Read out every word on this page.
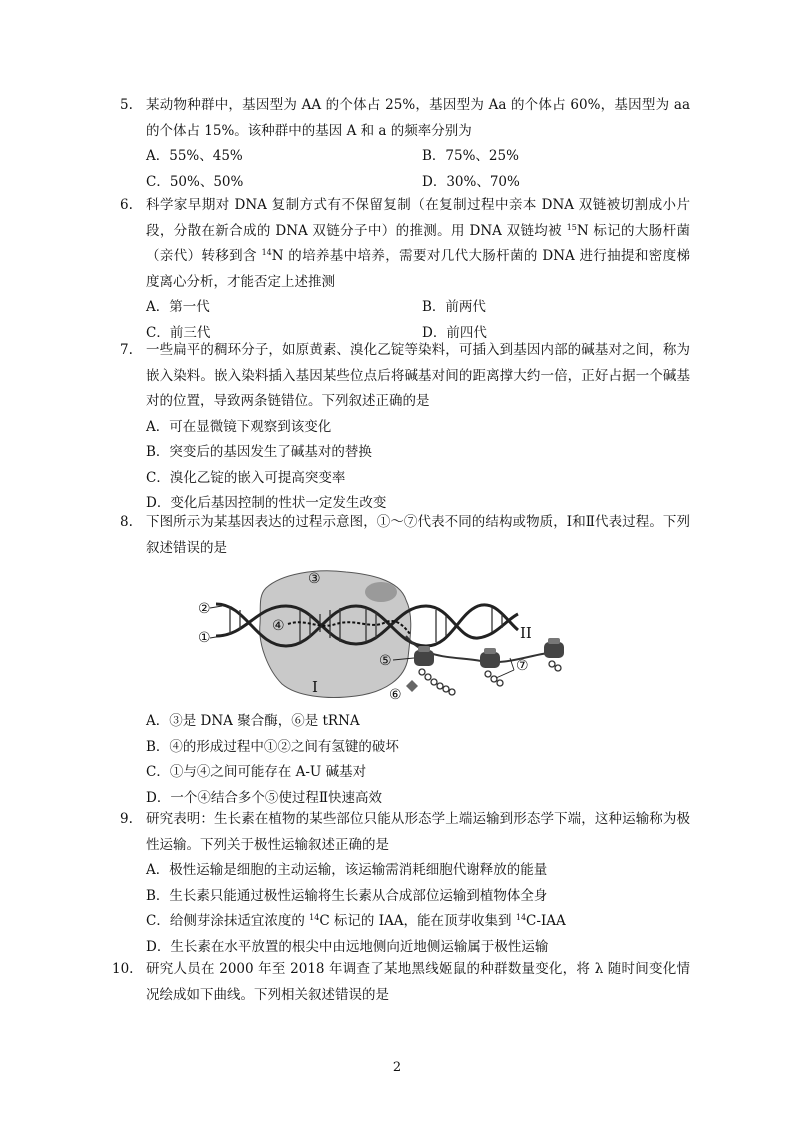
5. 某动物种群中，基因型为 AA 的个体占 25%，基因型为 Aa 的个体占 60%，基因型为 aa 的个体占 15%。该种群中的基因 A 和 a 的频率分别为
A．55%、45%	B．75%、25%
C．50%、50%	D．30%、70%
6. 科学家早期对 DNA 复制方式有不保留复制（在复制过程中亲本 DNA 双链被切割成小片段，分散在新合成的 DNA 双链分子中）的推测。用 DNA 双链均被 $^{15}$N 标记的大肠杆菌（亲代）转移到含 $^{14}$N 的培养基中培养，需要对几代大肠杆菌的 DNA 进行抽提和密度梯度离心分析，才能否定上述推测
A．第一代	B．前两代
C．前三代	D．前四代
7. 一些扁平的稠环分子，如原黄素、溴化乙锭等染料，可插入到基因内部的碱基对之间，称为嵌入染料。嵌入染料插入基因某些位点后将碱基对间的距离撑大约一倍，正好占据一个碱基对的位置，导致两条链错位。下列叙述正确的是
A．可在显微镜下观察到该变化
B．突变后的基因发生了碱基对的替换
C．溴化乙锭的嵌入可提高突变率
D．变化后基因控制的性状一定发生改变
8. 下图所示为某基因表达的过程示意图，①～⑦代表不同的结构或物质，Ⅰ和Ⅱ代表过程。下列叙述错误的是
②
①
③
④
⑤
⑥
⑦
I
II
A．③是 DNA 聚合酶，⑥是 tRNA
B．④的形成过程中①②之间有氢键的破坏
C．①与④之间可能存在 A-U 碱基对
D．一个④结合多个⑤使过程Ⅱ快速高效
9. 研究表明：生长素在植物的某些部位只能从形态学上端运输到形态学下端，这种运输称为极性运输。下列关于极性运输叙述正确的是
A．极性运输是细胞的主动运输，该运输需消耗细胞代谢释放的能量
B．生长素只能通过极性运输将生长素从合成部位运输到植物体全身
C．给侧芽涂抹适宜浓度的 $^{14}$C 标记的 IAA，能在顶芽收集到 $^{14}$C-IAA
D．生长素在水平放置的根尖中由远地侧向近地侧运输属于极性运输
10. 研究人员在 2000 年至 2018 年调查了某地黑线姬鼠的种群数量变化，将 λ 随时间变化情况绘成如下曲线。下列相关叙述错误的是
2
